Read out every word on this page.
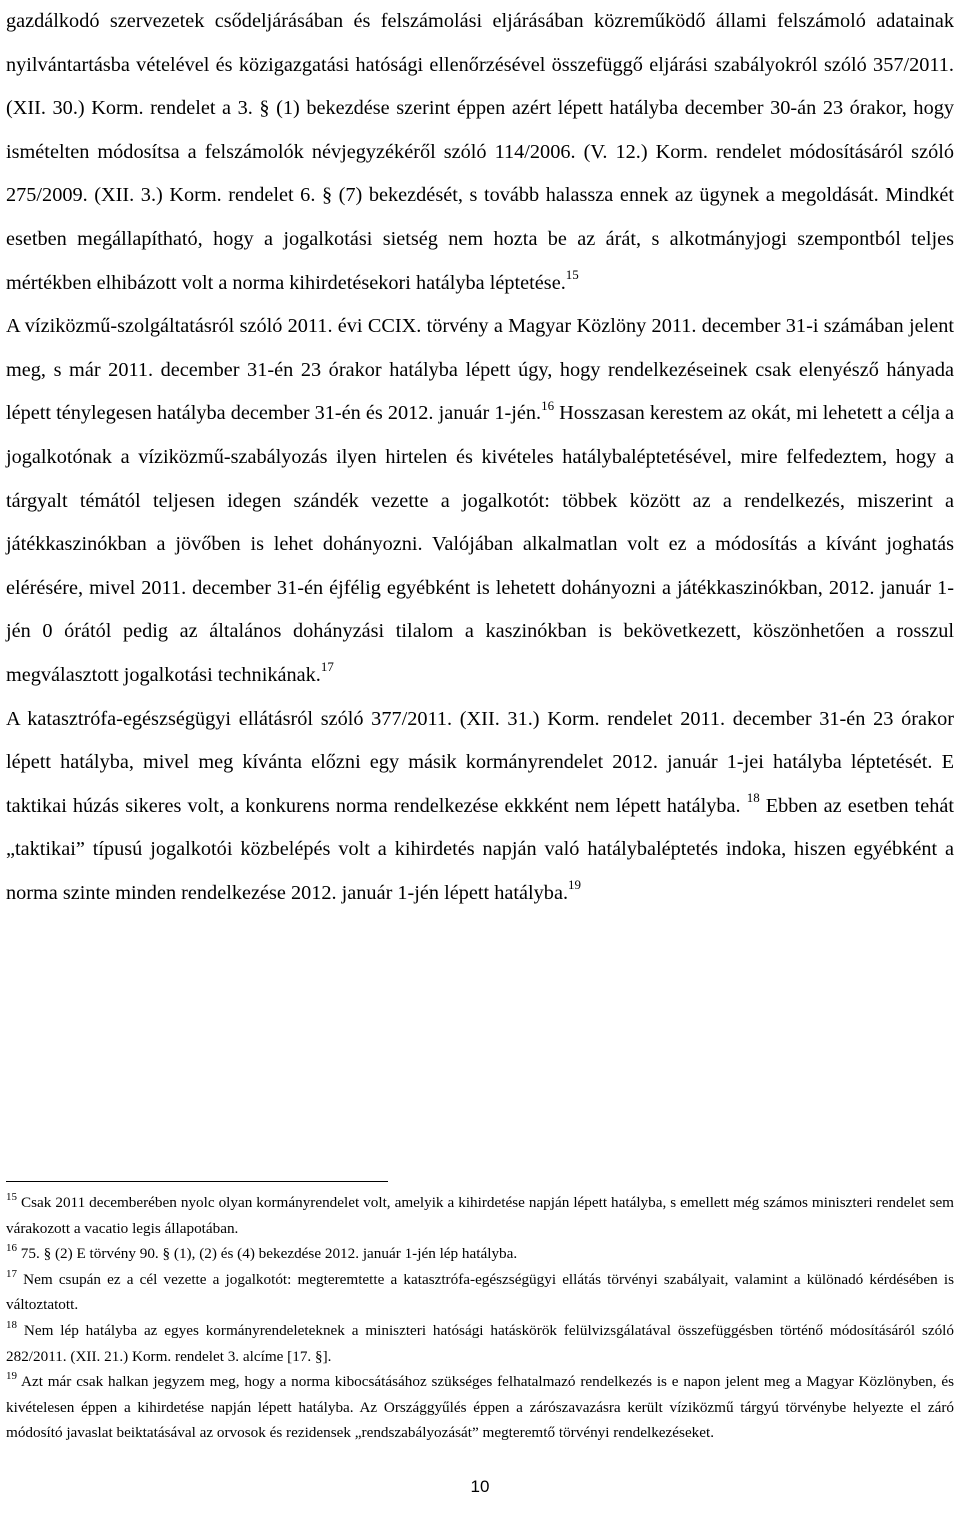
gazdálkodó szervezetek csődeljárásában és felszámolási eljárásában közreműködő állami felszámoló adatainak nyilvántartásba vételével és közigazgatási hatósági ellenőrzésével összefüggő eljárási szabályokról szóló 357/2011. (XII. 30.) Korm. rendelet a 3. § (1) bekezdése szerint éppen azért lépett hatályba december 30-án 23 órakor, hogy ismételten módosítsa a felszámolók névjegyzékéről szóló 114/2006. (V. 12.) Korm. rendelet módosításáról szóló 275/2009. (XII. 3.) Korm. rendelet 6. § (7) bekezdését, s tovább halassza ennek az ügynek a megoldását. Mindkét esetben megállapítható, hogy a jogalkotási sietség nem hozta be az árát, s alkotmányjogi szempontból teljes mértékben elhibázott volt a norma kihirdetésekori hatályba léptetése.$^{15}$

A víziközmű-szolgáltatásról szóló 2011. évi CCIX. törvény a Magyar Közlöny 2011. december 31-i számában jelent meg, s már 2011. december 31-én 23 órakor hatályba lépett úgy, hogy rendelkezéseinek csak elenyésző hányada lépett ténylegesen hatályba december 31-én és 2012. január 1-jén.$^{16}$ Hosszasan kerestem az okát, mi lehetett a célja a jogalkotónak a víziközmű-szabályozás ilyen hirtelen és kivételes hatálybaléptetésével, mire felfedeztem, hogy a tárgyalt témától teljesen idegen szándék vezette a jogalkotót: többek között az a rendelkezés, miszerint a játékkaszinókban a jövőben is lehet dohányozni. Valójában alkalmatlan volt ez a módosítás a kívánt joghatás elérésére, mivel 2011. december 31-én éjfélig egyébként is lehetett dohányozni a játékkaszinókban, 2012. január 1-jén 0 órától pedig az általános dohányzási tilalom a kaszinókban is bekövetkezett, köszönhetően a rosszul megválasztott jogalkotási technikának.$^{17}$

A katasztrófa-egészségügyi ellátásról szóló 377/2011. (XII. 31.) Korm. rendelet 2011. december 31-én 23 órakor lépett hatályba, mivel meg kívánta előzni egy másik kormányrendelet 2012. január 1-jei hatályba léptetését. E taktikai húzás sikeres volt, a konkurens norma rendelkezése ekkként nem lépett hatályba. $^{18}$ Ebben az esetben tehát „taktikai” típusú jogalkotói közbelépés volt a kihirdetés napján való hatálybaléptetés indoka, hiszen egyébként a norma szinte minden rendelkezése 2012. január 1-jén lépett hatályba.$^{19}$

$^{15}$ Csak 2011 decemberében nyolc olyan kormányrendelet volt, amelyik a kihirdetése napján lépett hatályba, s emellett még számos miniszteri rendelet sem várakozott a vacatio legis állapotában.

$^{16}$ 75. § (2) E törvény 90. § (1), (2) és (4) bekezdése 2012. január 1-jén lép hatályba.

$^{17}$ Nem csupán ez a cél vezette a jogalkotót: megteremtette a katasztrófa-egészségügyi ellátás törvényi szabályait, valamint a különadó kérdésében is változtatott.

$^{18}$ Nem lép hatályba az egyes kormányrendeleteknek a miniszteri hatósági hatáskörök felülvizsgálatával összefüggésben történő módosításáról szóló 282/2011. (XII. 21.) Korm. rendelet 3. alcíme [17. §].

$^{19}$ Azt már csak halkan jegyzem meg, hogy a norma kibocsátásához szükséges felhatalmazó rendelkezés is e napon jelent meg a Magyar Közlönyben, és kivételesen éppen a kihirdetése napján lépett hatályba. Az Országgyűlés éppen a zárószavazásra került víziközmű tárgyú törvénybe helyezte el záró módosító javaslat beiktatásával az orvosok és rezidensek „rendszabályozását” megteremtő törvényi rendelkezéseket.

10
